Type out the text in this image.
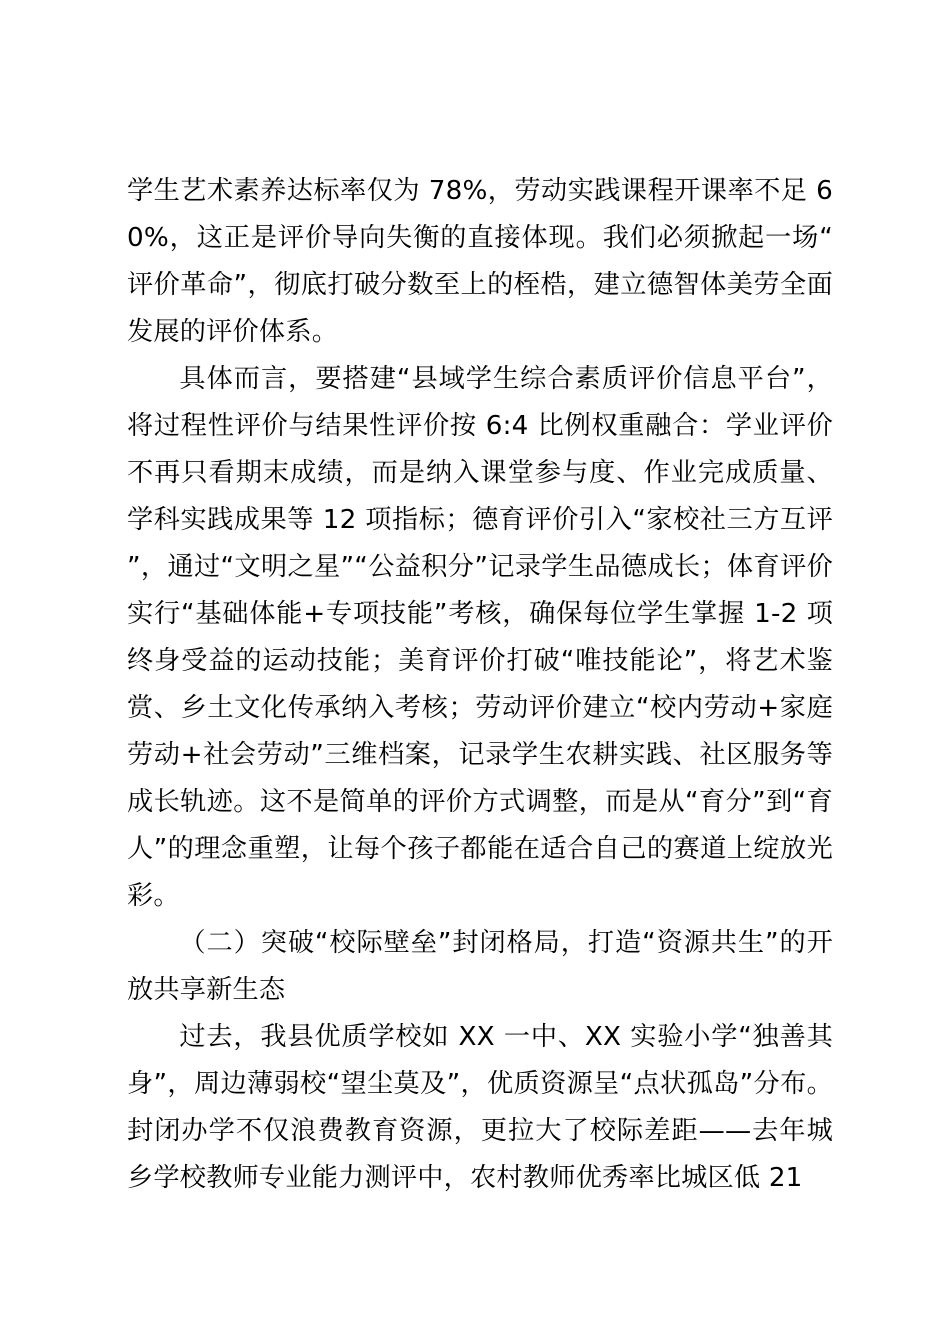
学生艺术素养达标率仅为 78%，劳动实践课程开课率不足 60%，这正是评价导向失衡的直接体现。我们必须掀起一场“评价革命”，彻底打破分数至上的桎梏，建立德智体美劳全面发展的评价体系。

具体而言，要搭建“县域学生综合素质评价信息平台”，将过程性评价与结果性评价按 6:4 比例权重融合：学业评价不再只看期末成绩，而是纳入课堂参与度、作业完成质量、学科实践成果等 12 项指标；德育评价引入“家校社三方互评”，通过“文明之星”“公益积分”记录学生品德成长；体育评价实行“基础体能+专项技能”考核，确保每位学生掌握 1-2 项终身受益的运动技能；美育评价打破“唯技能论”，将艺术鉴赏、乡土文化传承纳入考核；劳动评价建立“校内劳动+家庭劳动+社会劳动”三维档案，记录学生农耕实践、社区服务等成长轨迹。这不是简单的评价方式调整，而是从“育分”到“育人”的理念重塑，让每个孩子都能在适合自己的赛道上绽放光彩。

（二）突破“校际壁垒”封闭格局，打造“资源共生”的开放共享新生态

过去，我县优质学校如 XX 一中、XX 实验小学“独善其身”，周边薄弱校“望尘莫及”，优质资源呈“点状孤岛”分布。封闭办学不仅浪费教育资源，更拉大了校际差距——去年城乡学校教师专业能力测评中，农村教师优秀率比城区低 21
